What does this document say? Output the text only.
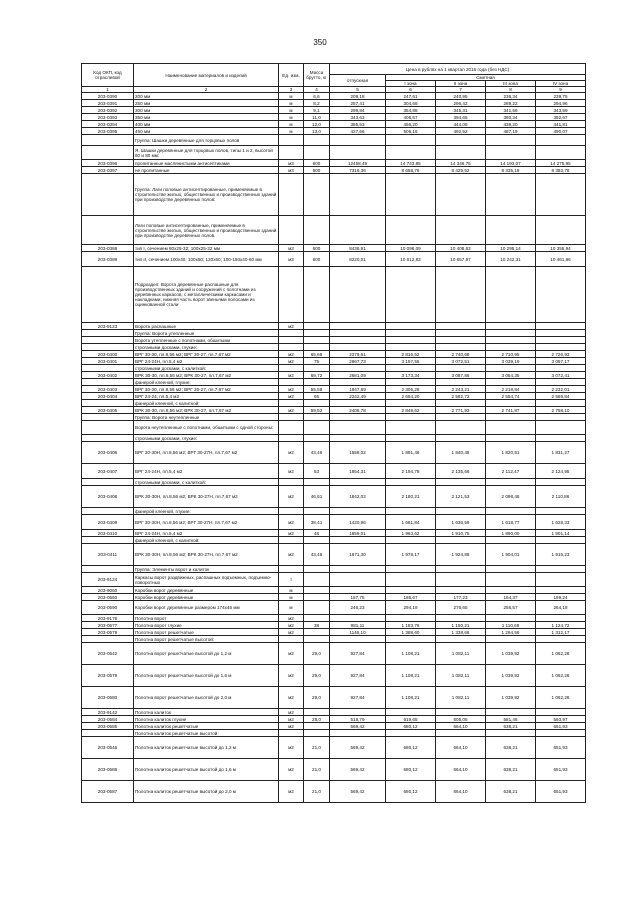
350
Код ОКП, код отраслевой	Наименование материалов и изделий	Ед. изм.	Масса брутто, кг	Цена в рублях на 1 квартал 2016 года (без НДС)				
				отпускная	Сметная			
					I зона	II зона	III зона	IV зона
1	2	3	4	5	6	7	8	9
203-0390	200 мм	м	6,6	209,18	247,61	240,95	236,34	239,75
203-0391	250 мм	м	8,2	257,41	304,66	296,42	289,22	294,96
203-0392	300 мм	м	9,1	299,84	354,88	345,31	341,56	343,59
203-0393	350 мм	м	11,0	343,63	406,57	394,65	380,34	392,67
203-0394	400 мм	м	12,0	385,53	456,20	444,05	439,20	441,81
203-0395	450 мм	м	13,0	427,66	506,16	492,52	487,19	490,07
	Группа: Шашки деревянные для торцовых полов							
	Я. Шашки деревянные для торцовых полов, типы 1 и 2, высотой 60 и 80 мм:							
203-0396	пропитанные маслянистыми антисептиками	м3	600	12458,49	14 743,85	14 346,75	14 193,07	14 275,95
203-0397	не пропитанные	м3	600	7316,36	8 658,76	8 425,52	8 335,18	8 383,78
	Группа: Лаги половые антисептированные, применяемые в строительстве жилых, общественных и производственных зданий при производстве деревянных полов:							
	Лаги половые антисептированные, применяемые в строительстве жилых, общественных и производственных зданий при производстве деревянных полов.							
203-0388	тип I, сечением 80х25-32; 100х25-32 мм	м3	600	8436,91	10 096,09	10 408,63	10 295,14	10 355,94
203-0389	тип II, сечением 100х40; 100х50; 120х60; 100-150х40-60 мм	м3	600	8220,01	10 612,83	10 657,97	10 242,31	10 461,86
	Подраздел: Ворота деревянные распашные для производственных зданий и сооружений с полотнами из деревянных каркасов, с металлическими каркасами и накладками, нижняя часть ворот звеньями полосами из оцинкованной стали							
203-9123	Ворота распашные	м2						
	Группа: Ворота утепленные							
	Ворота утепленные с полотнами, обшитыми							
	строгаными досками, глухие:							
203-0400	ВРГ 30-30, пл.8,56 м2; ВРГ 30-27, пл.7,67 м2	м2	65,68	2379,61	2 816,52	2 740,68	2 710,95	2 726,93
203-0401	ВРГ 24-24Н, пл.5,4 м2	м2	75	2667,73	3 157,55	3 072,51	3 039,19	3 057,17
	строгаными досками, с калиткой:							
203-0402	ВРК 30-30, пл.8,56 м2; ВРК 30-27, пл.7,67 м2	м2	69,72	2681,09	3 173,34	3 087,86	3 054,35	3 072,41
	фанерой клееной, глухие:							
203-0403	ВРГ 30-30, пл.8,56 м2; ВРГ 30-27, пл.7,67 м2	м2	55,58	1947,69	2 305,28	2 243,21	2 218,84	2 232,01
203-0404	ВРГ 24-24, пл.5,4 м2	м2	65	2242,49	2 654,20	2 582,72	2 554,74	2 569,84
	фанерой клееной, с калиткой:							
203-0405	ВРК 30-30, пл.8,56 м2; ВРК 30-27, пл.7,67 м2	м2	59,52	2406,78	2 848,62	2 771,93	2 741,87	2 758,10
	Группа: Ворота неутепленные							
	Ворота неутепленные с полотнами, обшитыми с одной стороны:							
	строгаными досками, глухие:							
203-0406	ВРГ 30-30Н, пл.8,56 м2; ВРГ 30-27Н, пл.7,67 м2	м2	43,46	1558,02	1 891,46	1 840,48	1 820,51	1 831,27
203-0407	ВРГ 24-24Н, пл.5,4 м2	м2	53	1854,31	2 194,78	2 135,66	2 112,47	2 124,95
	строгаными досками, с калиткой:							
203-0408	ВРК 30-30Н, пл.8,56 м2; ВРК 30-27Н, пл.7,67 м2	м2	46,61	1842,02	2 180,21	2 121,53	2 098,46	2 110,86
	фанерой клееной, глухие:							
203-0409	ВРГ 30-30Н, пл.8,56 м2; ВРГ 30-27Н, пл.7,67 м2	м2	38,41	1420,96	1 681,84	1 636,59	1 618,77	1 628,33
203-0410	ВРГ 24-24Н, пл.5,4 м2	м2	48	1659,01	1 963,62	1 910,75	1 890,00	1 901,14
	фанерой клееной, с калиткой:							
203-0411	ВРК 30-30Н, пл.8,56 м2; ВРК 30-27Н, пл.7,67 м2	м2	43,46	1671,30	1 978,17	1 924,88	1 904,01	1 915,23
	Группа: Элементы ворот и калиток							
203-9124	Каркасы ворот раздвижных, распашных подъемных, подъемно-поворотных	т						
203-9060	Коробки ворот деревянные	м						
203-0560	Коробки ворот деревянные	м		157,75	186,67	177,23	164,37	169,24
203-0590	Коробки ворот деревянные размером 174х46 мм	м		246,23	294,19	276,65	256,57	264,18
203-9178	Полотна ворот	м2						
203-0577	Полотна ворот глухие	м2	38	981,11	1 183,76	1 150,21	1 110,68	1 124,72
203-0579	Полотна ворот решетчатые	м2		1146,10	1 388,60	1 338,66	1 294,56	1 312,17
	Полотна ворот решетчатые высотой:							
203-0542	Полотна ворот решетчатые высотой до 1,2 м	м2	29,0	927,84	1 108,21	1 082,11	1 039,92	1 062,28
203-0579	Полотна ворот решетчатые высотой до 1,6 м	м2	29,0	927,84	1 108,21	1 082,11	1 039,92	1 062,28
203-0580	Полотна ворот решетчатые высотой до 2,0 м	м2	29,0	927,84	1 108,21	1 082,11	1 039,92	1 062,28
203-9142	Полотна калиток	м2						
203-0584	Полотна калиток глухие	м2	28,0	518,79	619,65	605,05	581,46	593,97
203-0585	Полотна калиток решетчатые	м2		569,42	680,12	664,10	638,21	651,93
	Полотна калиток решетчатые высотой:							
203-0546	Полотна калиток решетчатые высотой до 1,2 м	м2	21,0	569,42	680,12	664,10	638,21	651,93
203-0586	Полотна калиток решетчатые высотой до 1,6 м	м2	21,0	569,42	680,12	664,10	638,21	651,93
203-0587	Полотна калиток решетчатые высотой до 2,0 м	м2	21,0	569,42	680,12	664,10	638,21	651,93
